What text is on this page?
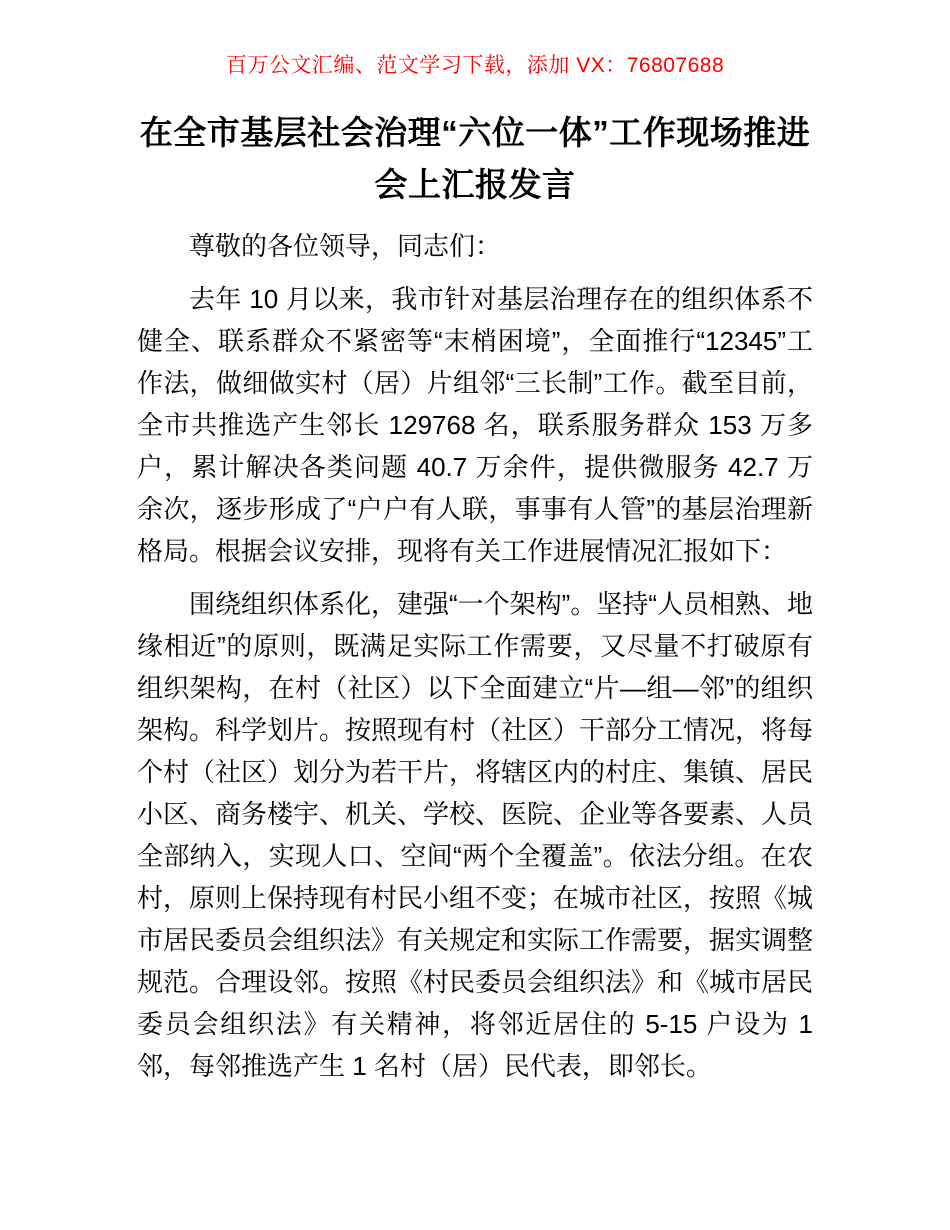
百万公文汇编、范文学习下载，添加 VX：76807688
在全市基层社会治理“六位一体”工作现场推进会上汇报发言

尊敬的各位领导，同志们：

去年 10 月以来，我市针对基层治理存在的组织体系不健全、联系群众不紧密等“末梢困境”，全面推行“12345”工作法，做细做实村（居）片组邻“三长制”工作。截至目前，全市共推选产生邻长 129768 名，联系服务群众 153 万多户，累计解决各类问题 40.7 万余件，提供微服务 42.7 万余次，逐步形成了“户户有人联，事事有人管”的基层治理新格局。根据会议安排，现将有关工作进展情况汇报如下：

围绕组织体系化，建强“一个架构”。坚持“人员相熟、地缘相近”的原则，既满足实际工作需要，又尽量不打破原有组织架构，在村（社区）以下全面建立“片—组—邻”的组织架构。科学划片。按照现有村（社区）干部分工情况，将每个村（社区）划分为若干片，将辖区内的村庄、集镇、居民小区、商务楼宇、机关、学校、医院、企业等各要素、人员全部纳入，实现人口、空间“两个全覆盖”。依法分组。在农村，原则上保持现有村民小组不变；在城市社区，按照《城市居民委员会组织法》有关规定和实际工作需要，据实调整规范。合理设邻。按照《村民委员会组织法》和《城市居民委员会组织法》有关精神，将邻近居住的 5-15 户设为 1 邻，每邻推选产生 1 名村（居）民代表，即邻长。
